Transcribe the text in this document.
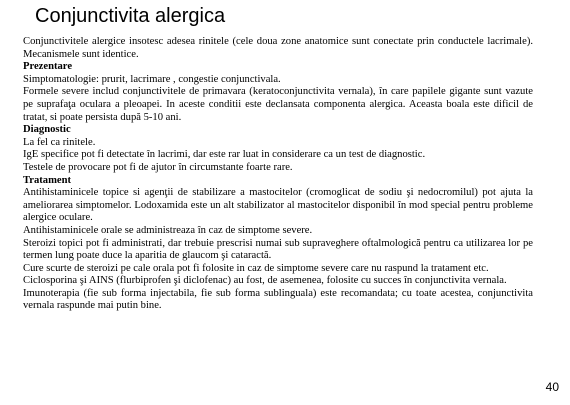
Conjunctivita alergica

Conjunctivitele alergice insotesc adesea rinitele (cele doua zone anatomice sunt conectate prin conductele lacrimale). Mecanismele sunt identice.

Prezentare

Simptomatologie: prurit, lacrimare , congestie conjunctivala.

Formele severe includ conjunctivitele de primavara (keratoconjunctivita vernala), în care papilele gigante sunt vazute pe suprafaţa oculara a pleoapei. In aceste conditii este declansata componenta alergica. Aceasta boala este dificil de tratat, si poate persista după 5-10 ani.

Diagnostic

La fel ca rinitele.

IgE specifice pot fi detectate în lacrimi, dar este rar luat in considerare ca un test de diagnostic.

Testele de provocare pot fi de ajutor în circumstante foarte rare.

Tratament

Antihistaminicele topice si agenţii de stabilizare a mastocitelor (cromoglicat de sodiu şi nedocromilul) pot ajuta la ameliorarea simptomelor. Lodoxamida este un alt stabilizator al mastocitelor disponibil în mod special pentru probleme alergice oculare.

Antihistaminicele orale se administreaza în caz de simptome severe.

Steroizi topici pot fi administrati, dar trebuie prescrisi numai sub supraveghere oftalmologică pentru ca utilizarea lor pe termen lung poate duce la aparitia de glaucom şi cataractă.

Cure scurte de steroizi pe cale orala pot fi folosite in caz de simptome severe care nu raspund la tratament etc.

Ciclosporina şi AINS (flurbiprofen şi diclofenac) au fost, de asemenea, folosite cu succes în conjunctivita vernala.

Imunoterapia (fie sub forma injectabila, fie sub forma sublinguala) este recomandata; cu toate acestea, conjunctivita vernala raspunde mai putin bine.

40
